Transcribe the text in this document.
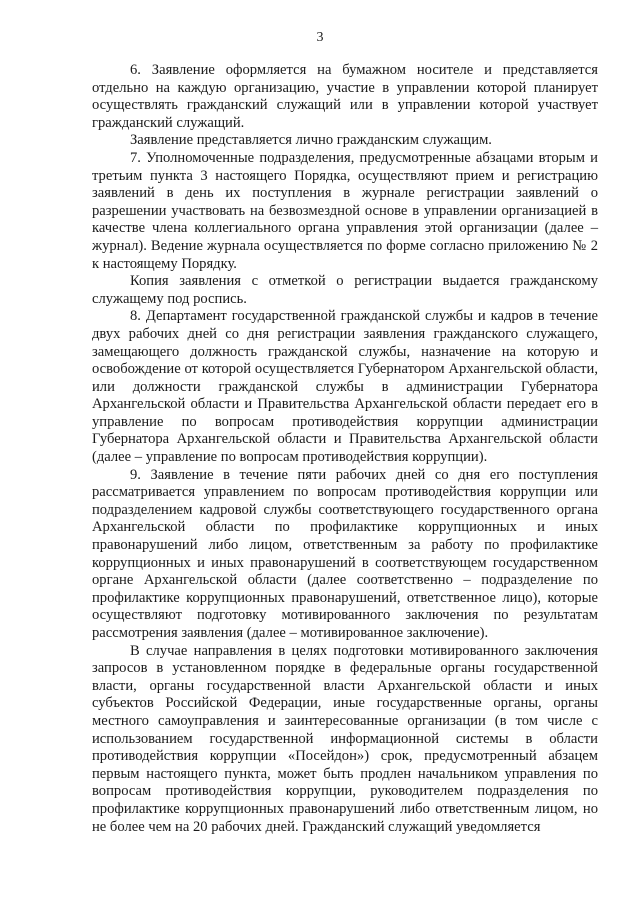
3

6. Заявление оформляется на бумажном носителе и представляется отдельно на каждую организацию, участие в управлении которой планирует осуществлять гражданский служащий или в управлении которой участвует гражданский служащий.

Заявление представляется лично гражданским служащим.

7. Уполномоченные подразделения, предусмотренные абзацами вторым и третьим пункта 3 настоящего Порядка, осуществляют прием и регистрацию заявлений в день их поступления в журнале регистрации заявлений о разрешении участвовать на безвозмездной основе в управлении организацией в качестве члена коллегиального органа управления этой организации (далее – журнал). Ведение журнала осуществляется по форме согласно приложению № 2 к настоящему Порядку.

Копия заявления с отметкой о регистрации выдается гражданскому служащему под роспись.

8. Департамент государственной гражданской службы и кадров в течение двух рабочих дней со дня регистрации заявления гражданского служащего, замещающего должность гражданской службы, назначение на которую и освобождение от которой осуществляется Губернатором Архангельской области, или должности гражданской службы в администрации Губернатора Архангельской области и Правительства Архангельской области передает его в управление по вопросам противодействия коррупции администрации Губернатора Архангельской области и Правительства Архангельской области (далее – управление по вопросам противодействия коррупции).

9. Заявление в течение пяти рабочих дней со дня его поступления рассматривается управлением по вопросам противодействия коррупции или подразделением кадровой службы соответствующего государственного органа Архангельской области по профилактике коррупционных и иных правонарушений либо лицом, ответственным за работу по профилактике коррупционных и иных правонарушений в соответствующем государственном органе Архангельской области (далее соответственно – подразделение по профилактике коррупционных правонарушений, ответственное лицо), которые осуществляют подготовку мотивированного заключения по результатам рассмотрения заявления (далее – мотивированное заключение).

В случае направления в целях подготовки мотивированного заключения запросов в установленном порядке в федеральные органы государственной власти, органы государственной власти Архангельской области и иных субъектов Российской Федерации, иные государственные органы, органы местного самоуправления и заинтересованные организации (в том числе с использованием государственной информационной системы в области противодействия коррупции «Посейдон») срок, предусмотренный абзацем первым настоящего пункта, может быть продлен начальником управления по вопросам противодействия коррупции, руководителем подразделения по профилактике коррупционных правонарушений либо ответственным лицом, но не более чем на 20 рабочих дней. Гражданский служащий уведомляется
